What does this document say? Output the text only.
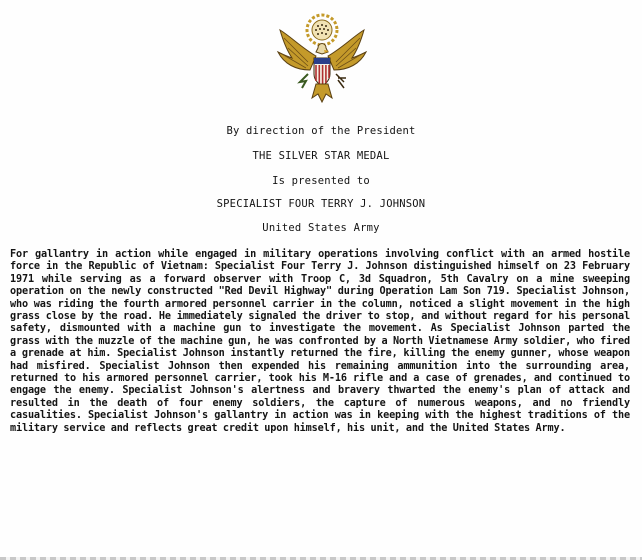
By direction of the President
THE SILVER STAR MEDAL
Is presented to
SPECIALIST FOUR TERRY J. JOHNSON
United States Army
For gallantry in action while engaged in military operations involving conflict with an armed hostile force in the Republic of Vietnam: Specialist Four Terry J. Johnson distinguished himself on 23 February 1971 while serving as a forward observer with Troop C, 3d Squadron, 5th Cavalry on a mine sweeping operation on the newly constructed "Red Devil Highway" during Operation Lam Son 719. Specialist Johnson, who was riding the fourth armored personnel carrier in the column, noticed a slight movement in the high grass close by the road. He immediately signaled the driver to stop, and without regard for his personal safety, dismounted with a machine gun to investigate the movement. As Specialist Johnson parted the grass with the muzzle of the machine gun, he was confronted by a North Vietnamese Army soldier, who fired a grenade at him. Specialist Johnson instantly returned the fire, killing the enemy gunner, whose weapon had misfired. Specialist Johnson then expended his remaining ammunition into the surrounding area, returned to his armored personnel carrier, took his M-16 rifle and a case of grenades, and continued to engage the enemy. Specialist Johnson's alertness and bravery thwarted the enemy's plan of attack and resulted in the death of four enemy soldiers, the capture of numerous weapons, and no friendly casualities. Specialist Johnson's gallantry in action was in keeping with the highest traditions of the military service and reflects great credit upon himself, his unit, and the United States Army.
